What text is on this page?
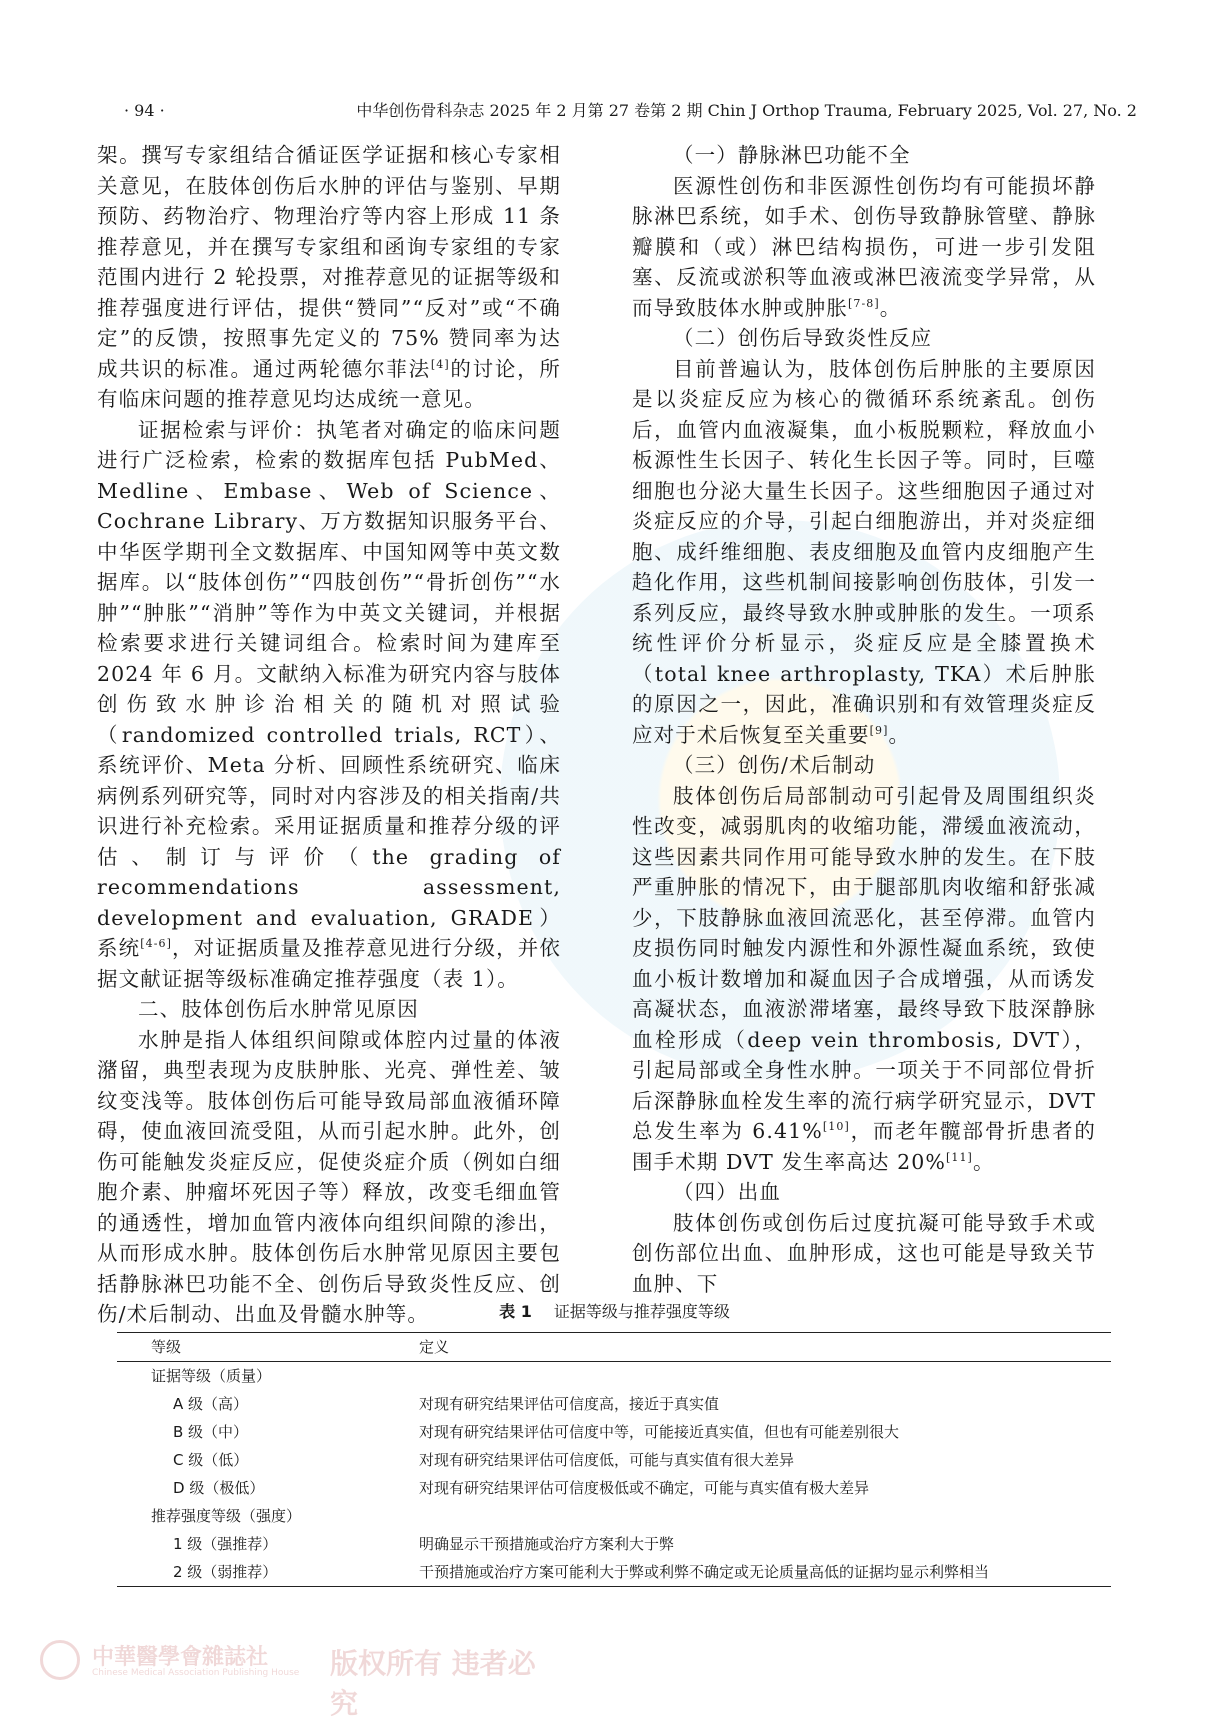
· 94 ·	中华创伤骨科杂志 2025 年 2 月第 27 卷第 2 期 Chin J Orthop Trauma, February 2025, Vol. 27, No. 2

架。撰写专家组结合循证医学证据和核心专家相关意见，在肢体创伤后水肿的评估与鉴别、早期预防、药物治疗、物理治疗等内容上形成 11 条推荐意见，并在撰写专家组和函询专家组的专家范围内进行 2 轮投票，对推荐意见的证据等级和推荐强度进行评估，提供“赞同”“反对”或“不确定”的反馈，按照事先定义的 75% 赞同率为达成共识的标准。通过两轮德尔菲法[4]的讨论，所有临床问题的推荐意见均达成统一意见。

证据检索与评价：执笔者对确定的临床问题进行广泛检索，检索的数据库包括 PubMed、Medline、Embase、Web of Science、Cochrane Library、万方数据知识服务平台、中华医学期刊全文数据库、中国知网等中英文数据库。以“肢体创伤”“四肢创伤”“骨折创伤”“水肿”“肿胀”“消肿”等作为中英文关键词，并根据检索要求进行关键词组合。检索时间为建库至 2024 年 6 月。文献纳入标准为研究内容与肢体创伤致水肿诊治相关的随机对照试验（randomized controlled trials, RCT）、系统评价、Meta 分析、回顾性系统研究、临床病例系列研究等，同时对内容涉及的相关指南/共识进行补充检索。采用证据质量和推荐分级的评估、制订与评价（the grading of recommendations assessment, development and evaluation, GRADE）系统[4-6]，对证据质量及推荐意见进行分级，并依据文献证据等级标准确定推荐强度（表 1）。

二、肢体创伤后水肿常见原因

水肿是指人体组织间隙或体腔内过量的体液潴留，典型表现为皮肤肿胀、光亮、弹性差、皱纹变浅等。肢体创伤后可能导致局部血液循环障碍，使血液回流受阻，从而引起水肿。此外，创伤可能触发炎症反应，促使炎症介质（例如白细胞介素、肿瘤坏死因子等）释放，改变毛细血管的通透性，增加血管内液体向组织间隙的渗出，从而形成水肿。肢体创伤后水肿常见原因主要包括静脉淋巴功能不全、创伤后导致炎性反应、创伤/术后制动、出血及骨髓水肿等。

（一）静脉淋巴功能不全

医源性创伤和非医源性创伤均有可能损坏静脉淋巴系统，如手术、创伤导致静脉管壁、静脉瓣膜和（或）淋巴结构损伤，可进一步引发阻塞、反流或淤积等血液或淋巴液流变学异常，从而导致肢体水肿或肿胀[7-8]。

（二）创伤后导致炎性反应

目前普遍认为，肢体创伤后肿胀的主要原因是以炎症反应为核心的微循环系统紊乱。创伤后，血管内血液凝集，血小板脱颗粒，释放血小板源性生长因子、转化生长因子等。同时，巨噬细胞也分泌大量生长因子。这些细胞因子通过对炎症反应的介导，引起白细胞游出，并对炎症细胞、成纤维细胞、表皮细胞及血管内皮细胞产生趋化作用，这些机制间接影响创伤肢体，引发一系列反应，最终导致水肿或肿胀的发生。一项系统性评价分析显示，炎症反应是全膝置换术（total knee arthroplasty, TKA）术后肿胀的原因之一，因此，准确识别和有效管理炎症反应对于术后恢复至关重要[9]。

（三）创伤/术后制动

肢体创伤后局部制动可引起骨及周围组织炎性改变，减弱肌肉的收缩功能，滞缓血液流动，这些因素共同作用可能导致水肿的发生。在下肢严重肿胀的情况下，由于腿部肌肉收缩和舒张减少，下肢静脉血液回流恶化，甚至停滞。血管内皮损伤同时触发内源性和外源性凝血系统，致使血小板计数增加和凝血因子合成增强，从而诱发高凝状态，血液淤滞堵塞，最终导致下肢深静脉血栓形成（deep vein thrombosis, DVT），引起局部或全身性水肿。一项关于不同部位骨折后深静脉血栓发生率的流行病学研究显示，DVT 总发生率为 6.41%[10]，而老年髋部骨折患者的围手术期 DVT 发生率高达 20%[11]。

（四）出血

肢体创伤或创伤后过度抗凝可能导致手术或创伤部位出血、血肿形成，这也可能是导致关节血肿、下

表 1 证据等级与推荐强度等级
等级	定义
证据等级（质量）	
A 级（高）	对现有研究结果评估可信度高，接近于真实值
B 级（中）	对现有研究结果评估可信度中等，可能接近真实值，但也有可能差别很大
C 级（低）	对现有研究结果评估可信度低，可能与真实值有很大差异
D 级（极低）	对现有研究结果评估可信度极低或不确定，可能与真实值有极大差异
推荐强度等级（强度）	
1 级（强推荐）	明确显示干预措施或治疗方案利大于弊
2 级（弱推荐）	干预措施或治疗方案可能利大于弊或利弊不确定或无论质量高低的证据均显示利弊相当
中華醫學會雜誌社
Chinese Medical Association Publishing House 版权所有 违者必究
